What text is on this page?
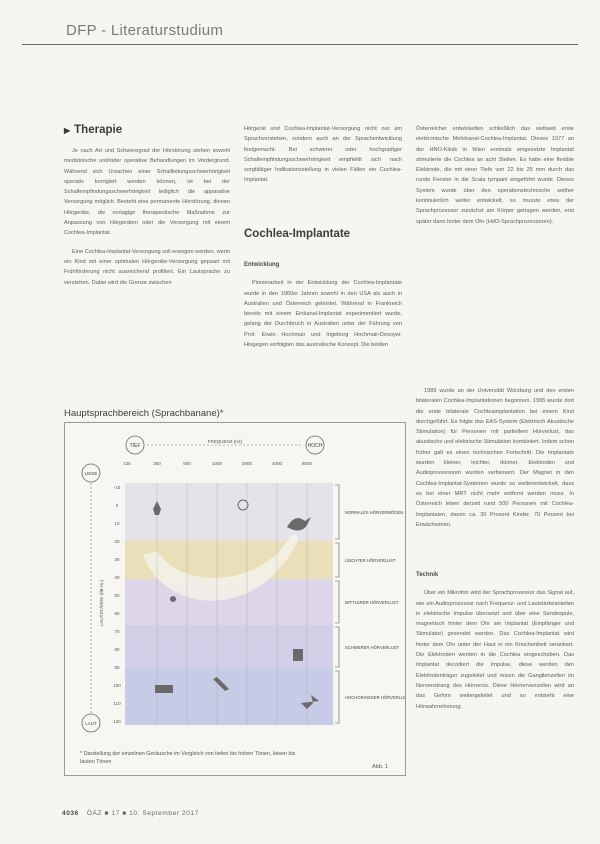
DFP - Literaturstudium
▶ Therapie

Je nach Art und Schweregrad der Hörstörung stehen sowohl medizinische und/oder operative Behandlungen im Vordergrund. Während sich Ursachen einer Schallleitungsschwerhörigkeit operativ korrigiert werden können, ist bei der Schallempfindungsschwerhörigkeit lediglich die apparative Versorgung möglich. Besteht eine permanente Hörstörung, dienen Hörgeräte, die vorlagige therapeutische Maßnahme zur Anpassung von Hörgeräten oder die Versorgung mit einem Cochlea-Implantat.

Eine Cochlea-Implantat-Versorgung soll erwogen werden, wenn ein Kind mit einer optimalen Hörgeräte-Versorgung gepaart mit Frühförderung nicht ausreichend profitiert. Ein Lautsprache zu verstehen. Dabei wird die Grenze zwischen

Hörgerät und Cochlea-Implantat-Versorgung nicht nur am Sprachverstehen, sondern auch an der Sprachentwicklung festgemacht. Bei schwerer oder hochgradiger Schallempfindungsschwerhörigkeit empfiehlt sich nach sorgfältiger Indikationsstellung in vielen Fällen ein Cochlea-Implantat.

Cochlea-Implantate

Entwicklung

Pionierarbeit in der Entwicklung der Cochlea-Implantate wurde in den 1960er Jahren sowohl in den USA als auch in Australien und Österreich geleistet. Während in Frankreich bereits mit einem Einkanal-Implantat experimentiert wurde, gelang der Durchbruch in Australien unter der Führung von Prof. Erwin Hochmair und Ingeborg Hochmair-Desoyer. Hingegen verfolgten das australische Konzept. Die beiden

Österreicher entwickelten schließlich das weltweit erste elektronische Mehrkanal-Cochlea-Implantat. Dieses 1977 an der HNO-Klinik in Wien erstmals eingesetzte Implantat stimulierte die Cochlea an acht Stellen. Es hatte eine flexible Elektrode, die mit einer Tiefe von 22 bis 25 mm durch das runde Fenster in die Scala tympani eingeführt wurde. Dieses System wurde über den operationstechnische seither kontinuierlich weiter entwickelt, so musste etwa der Sprachprozessor zunächst am Körper getragen werden, erst später dann hinter dem Ohr (HdO-Sprachprozessoren).

1989 wurde an der Universität Würzburg und den ersten bilateralen Cochlea-Implantationen begonnen. 1995 wurde dort die erste bilaterale Cochleaimplantation bei einem Kind durchgeführt. Es folgte das EAS-System (Elektrisch Akustische Stimulation) für Personen mit partiellem Hörverlust, das akustische und elektrische Stimulation kombiniert. Indem schon früher galt es einen technischen Fortschritt. Die Implantate wurden kleiner, leichter, dünner. Elektroden und Audioprozessoren wurden verbessert. Der Magnet in den Cochlea-Implantat-Systemen wurde so weiterentwickelt, dass es bei einer MRT nicht mehr entfernt werden muss. In Österreich leben derzeit rund 500 Personen mit Cochlea-Implantaten, davon ca. 30 Prozent Kinder, 70 Prozent bei Erwachsenen.

Technik

Über ein Mikrofon wird der Sprachprozessor das Signal auf, wie ein Audioprozessor nach Frequenz- und Lautstärkeanteilen in elektrische Impulse übersetzt und über eine Sendespule, magnetisch hinter dem Ohr am Implantat (Empfänger und Stimulator) gesendet werden. Das Cochlea-Implantat wird hinter dem Ohr unter der Haut in ein Knochenbett verankert. Die Elektroden werden in die Cochlea eingeschoben. Das Implantat decodiert die Impulse, diese werden den Elektrodenträger zugeleitet und reizen die Ganglienzellen im Nervenstrang des Hörnervs. Diese Hörnervenzellen wird an das Gehirn weitergeleitet und so entsteht eine Hörwahrnehmung.

Hauptsprachbereich (Sprachbanane)*
TIEF	HOCH
FREQUENZ (Hz)
125	250	500	1000	2000	4000	8000
LEISE
LAUT
LAUTSTÄRKE (dB HL)
-10
0
10
20
30
40
50
60
70
80
90
100
110
120
NORMALES HÖRVERMÖGEN
LEICHTER HÖRVERLUST
MITTLERER HÖRVERLUST
SCHWERER HÖRVERLUST
HOCHGRADIGER HÖRVERLUST
* Darstellung der einzelnen Geräusche im Vergleich von tiefen bis hohen Tönen, leisen bis lauten Tönen
Abb. 1
4036 ÖÄZ ■ 17 ■ 10. September 2017
